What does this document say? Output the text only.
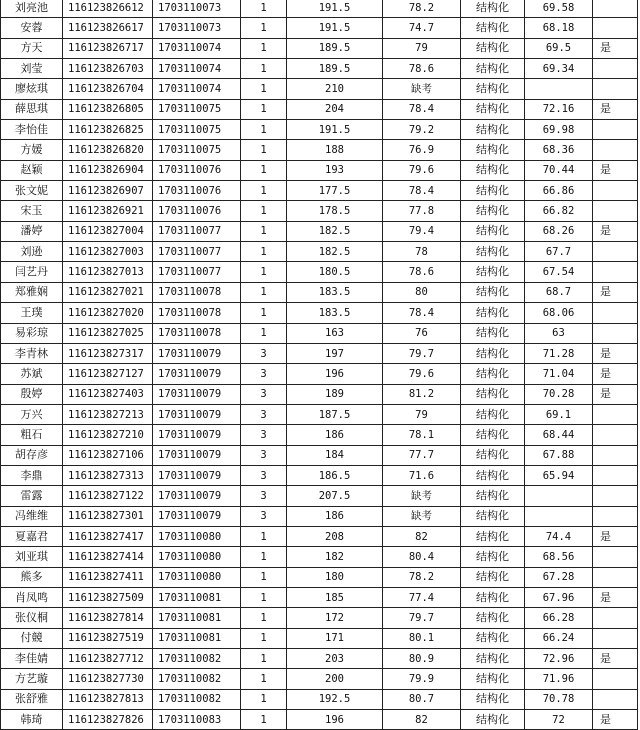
刘亮池	116123826612	1703110073	1	191.5	78.2	结构化	69.58	
安蓉	116123826617	1703110073	1	191.5	74.7	结构化	68.18	
方天	116123826717	1703110074	1	189.5	79	结构化	69.5	是
刘莹	116123826703	1703110074	1	189.5	78.6	结构化	69.34	
廖炫琪	116123826704	1703110074	1	210	缺考	结构化		
薛思琪	116123826805	1703110075	1	204	78.4	结构化	72.16	是
李怡佳	116123826825	1703110075	1	191.5	79.2	结构化	69.98	
方媛	116123826820	1703110075	1	188	76.9	结构化	68.36	
赵颖	116123826904	1703110076	1	193	79.6	结构化	70.44	是
张文妮	116123826907	1703110076	1	177.5	78.4	结构化	66.86	
宋玉	116123826921	1703110076	1	178.5	77.8	结构化	66.82	
潘婷	116123827004	1703110077	1	182.5	79.4	结构化	68.26	是
刘逊	116123827003	1703110077	1	182.5	78	结构化	67.7	
闫艺丹	116123827013	1703110077	1	180.5	78.6	结构化	67.54	
郑雅娴	116123827021	1703110078	1	183.5	80	结构化	68.7	是
王璞	116123827020	1703110078	1	183.5	78.4	结构化	68.06	
易彩琼	116123827025	1703110078	1	163	76	结构化	63	
李青林	116123827317	1703110079	3	197	79.7	结构化	71.28	是
苏斌	116123827127	1703110079	3	196	79.6	结构化	71.04	是
殷婷	116123827403	1703110079	3	189	81.2	结构化	70.28	是
万兴	116123827213	1703110079	3	187.5	79	结构化	69.1	
粗石	116123827210	1703110079	3	186	78.1	结构化	68.44	
胡存彦	116123827106	1703110079	3	184	77.7	结构化	67.88	
李鼎	116123827313	1703110079	3	186.5	71.6	结构化	65.94	
雷露	116123827122	1703110079	3	207.5	缺考	结构化		
冯维维	116123827301	1703110079	3	186	缺考	结构化		
夏嘉君	116123827417	1703110080	1	208	82	结构化	74.4	是
刘亚琪	116123827414	1703110080	1	182	80.4	结构化	68.56	
熊多	116123827411	1703110080	1	180	78.2	结构化	67.28	
肖凤鸣	116123827509	1703110081	1	185	77.4	结构化	67.96	是
张仪桐	116123827814	1703110081	1	172	79.7	结构化	66.28	
付競	116123827519	1703110081	1	171	80.1	结构化	66.24	
李佳婧	116123827712	1703110082	1	203	80.9	结构化	72.96	是
方艺璇	116123827730	1703110082	1	200	79.9	结构化	71.96	
张舒雅	116123827813	1703110082	1	192.5	80.7	结构化	70.78	
韩琦	116123827826	1703110083	1	196	82	结构化	72	是
